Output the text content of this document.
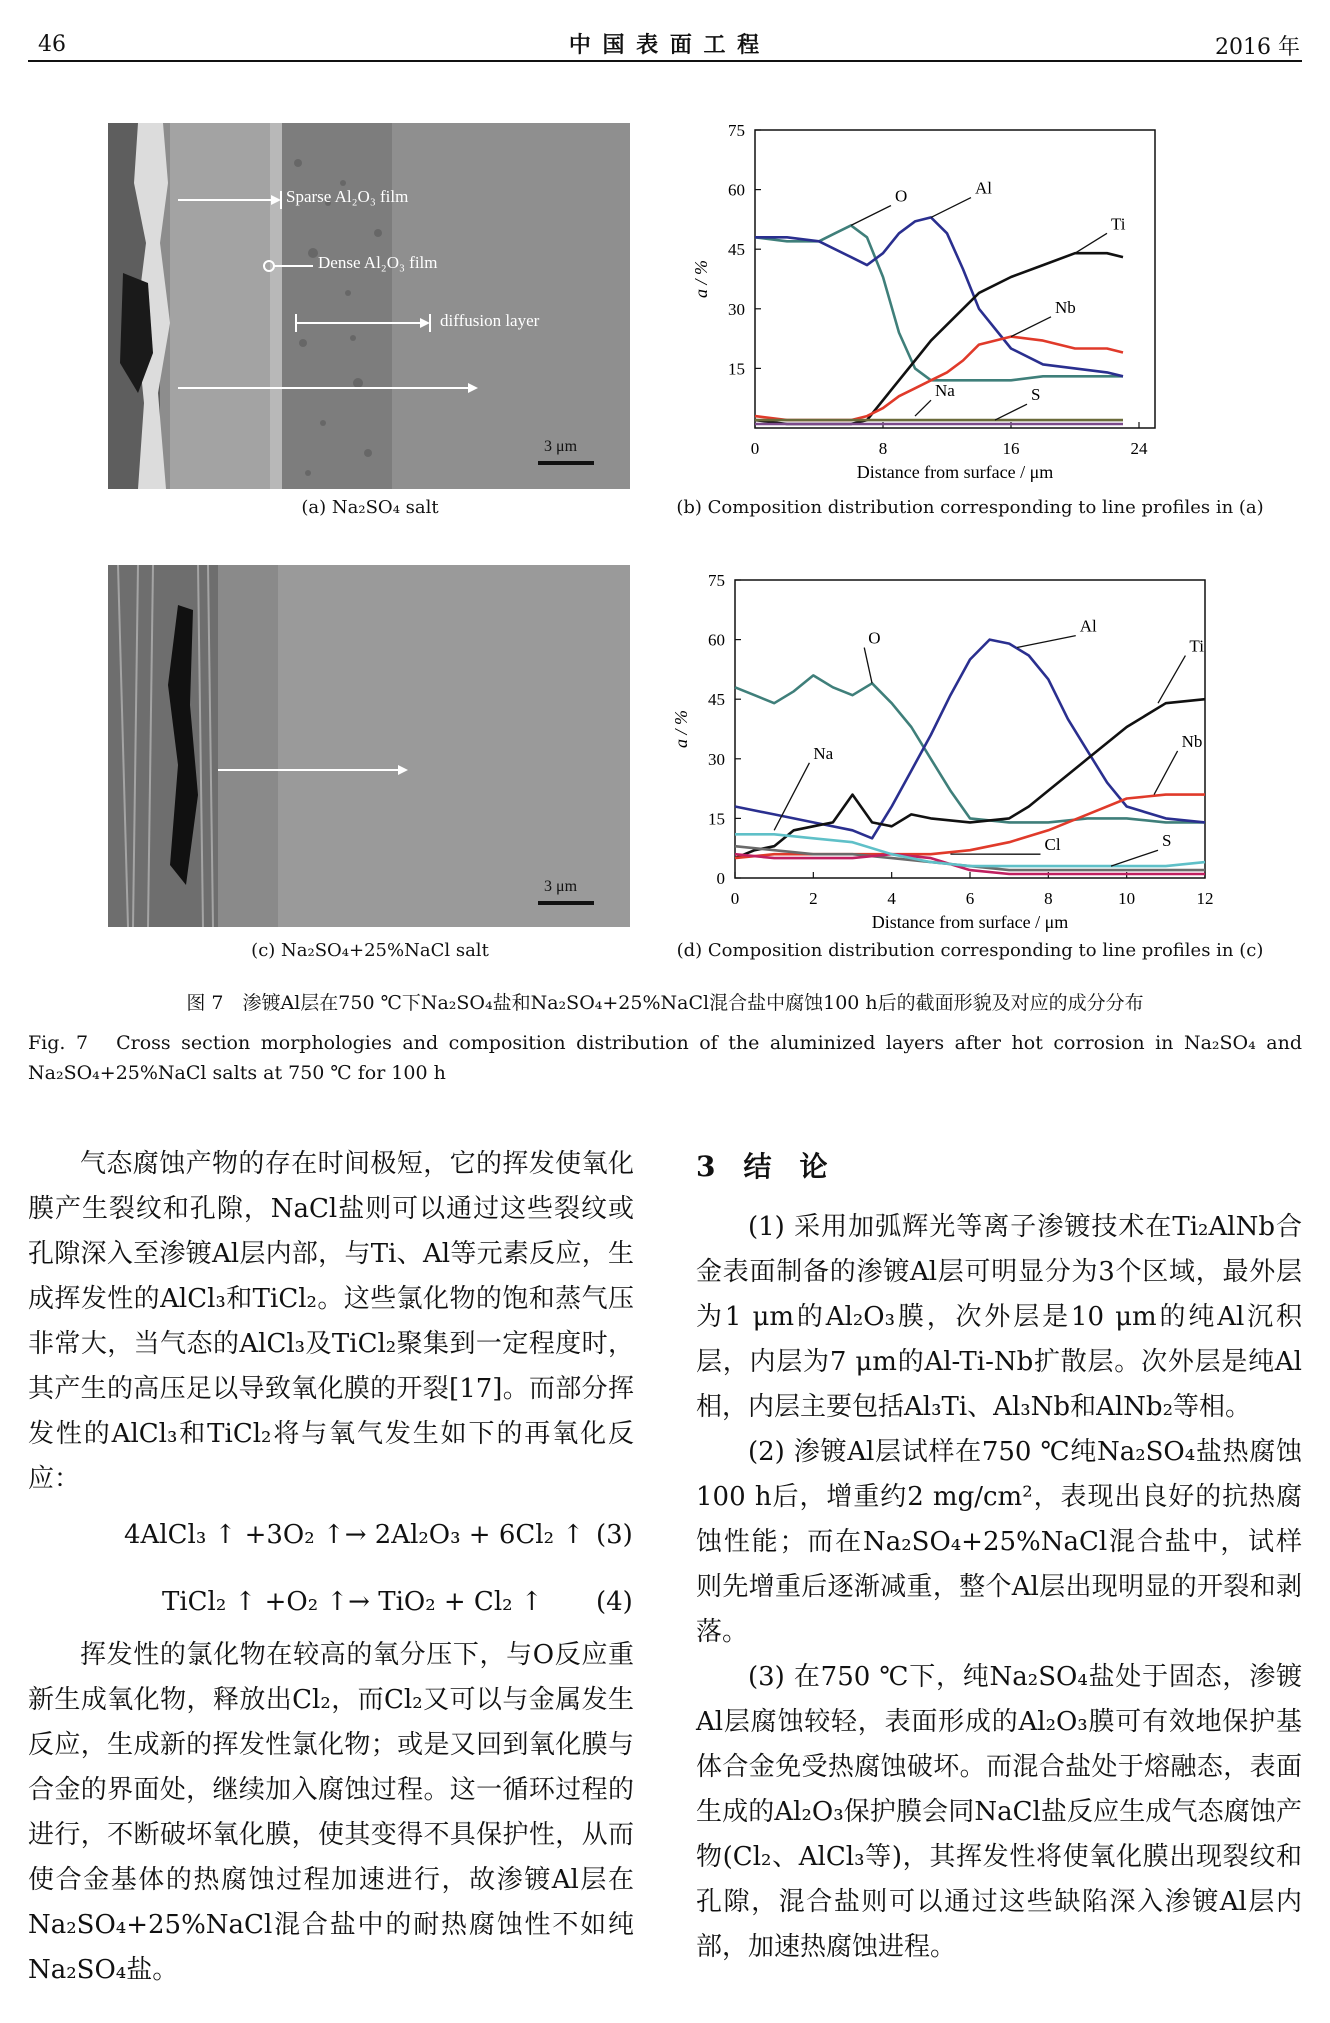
46	中 国 表 面 工 程	2016 年
Sparse Al₂O₃ film
Dense Al₂O₃ film
diffusion layer
3 μm
(a) Na₂SO₄ salt
15
30
45
60
75
0	8	16	24
Distance from surface / μm
a / %
O	Al
Ti
Nb
Na	S
(b) Composition distribution corresponding to line profiles in (a)
3 μm
(c) Na₂SO₄+25%NaCl salt
0
15
30
45
60
75
0	2	4	6	8	10	12
Distance from surface / μm
a / %
O
Al
Ti
Nb
Na
Cl	S
(d) Composition distribution corresponding to line profiles in (c)
图 7　渗镀Al层在750 ℃下Na₂SO₄盐和Na₂SO₄+25%NaCl混合盐中腐蚀100 h后的截面形貌及对应的成分分布
Fig. 7　Cross section morphologies and composition distribution of the aluminized layers after hot corrosion in Na₂SO₄ and Na₂SO₄+25%NaCl salts at 750 ℃ for 100 h

气态腐蚀产物的存在时间极短，它的挥发使氧化膜产生裂纹和孔隙，NaCl盐则可以通过这些裂纹或孔隙深入至渗镀Al层内部，与Ti、Al等元素反应，生成挥发性的AlCl₃和TiCl₂。这些氯化物的饱和蒸气压非常大，当气态的AlCl₃及TiCl₂聚集到一定程度时，其产生的高压足以导致氧化膜的开裂[17]。而部分挥发性的AlCl₃和TiCl₂将与氧气发生如下的再氧化反应：

4AlCl₃ ↑ +3O₂ ↑→ 2Al₂O₃ + 6Cl₂ ↑ (3)
TiCl₂ ↑ +O₂ ↑→ TiO₂ + Cl₂ ↑ (4)

挥发性的氯化物在较高的氧分压下，与O反应重新生成氧化物，释放出Cl₂，而Cl₂又可以与金属发生反应，生成新的挥发性氯化物；或是又回到氧化膜与合金的界面处，继续加入腐蚀过程。这一循环过程的进行，不断破坏氧化膜，使其变得不具保护性，从而使合金基体的热腐蚀过程加速进行，故渗镀Al层在Na₂SO₄+25%NaCl混合盐中的耐热腐蚀性不如纯Na₂SO₄盐。

3　结　论

(1) 采用加弧辉光等离子渗镀技术在Ti₂AlNb合金表面制备的渗镀Al层可明显分为3个区域，最外层为1 μm的Al₂O₃膜，次外层是10 μm的纯Al沉积层，内层为7 μm的Al-Ti-Nb扩散层。次外层是纯Al相，内层主要包括Al₃Ti、Al₃Nb和AlNb₂等相。

(2) 渗镀Al层试样在750 ℃纯Na₂SO₄盐热腐蚀100 h后，增重约2 mg/cm²，表现出良好的抗热腐蚀性能；而在Na₂SO₄+25%NaCl混合盐中，试样则先增重后逐渐减重，整个Al层出现明显的开裂和剥落。

(3) 在750 ℃下，纯Na₂SO₄盐处于固态，渗镀Al层腐蚀较轻，表面形成的Al₂O₃膜可有效地保护基体合金免受热腐蚀破坏。而混合盐处于熔融态，表面生成的Al₂O₃保护膜会同NaCl盐反应生成气态腐蚀产物(Cl₂、AlCl₃等)，其挥发性将使氧化膜出现裂纹和孔隙，混合盐则可以通过这些缺陷深入渗镀Al层内部，加速热腐蚀进程。
